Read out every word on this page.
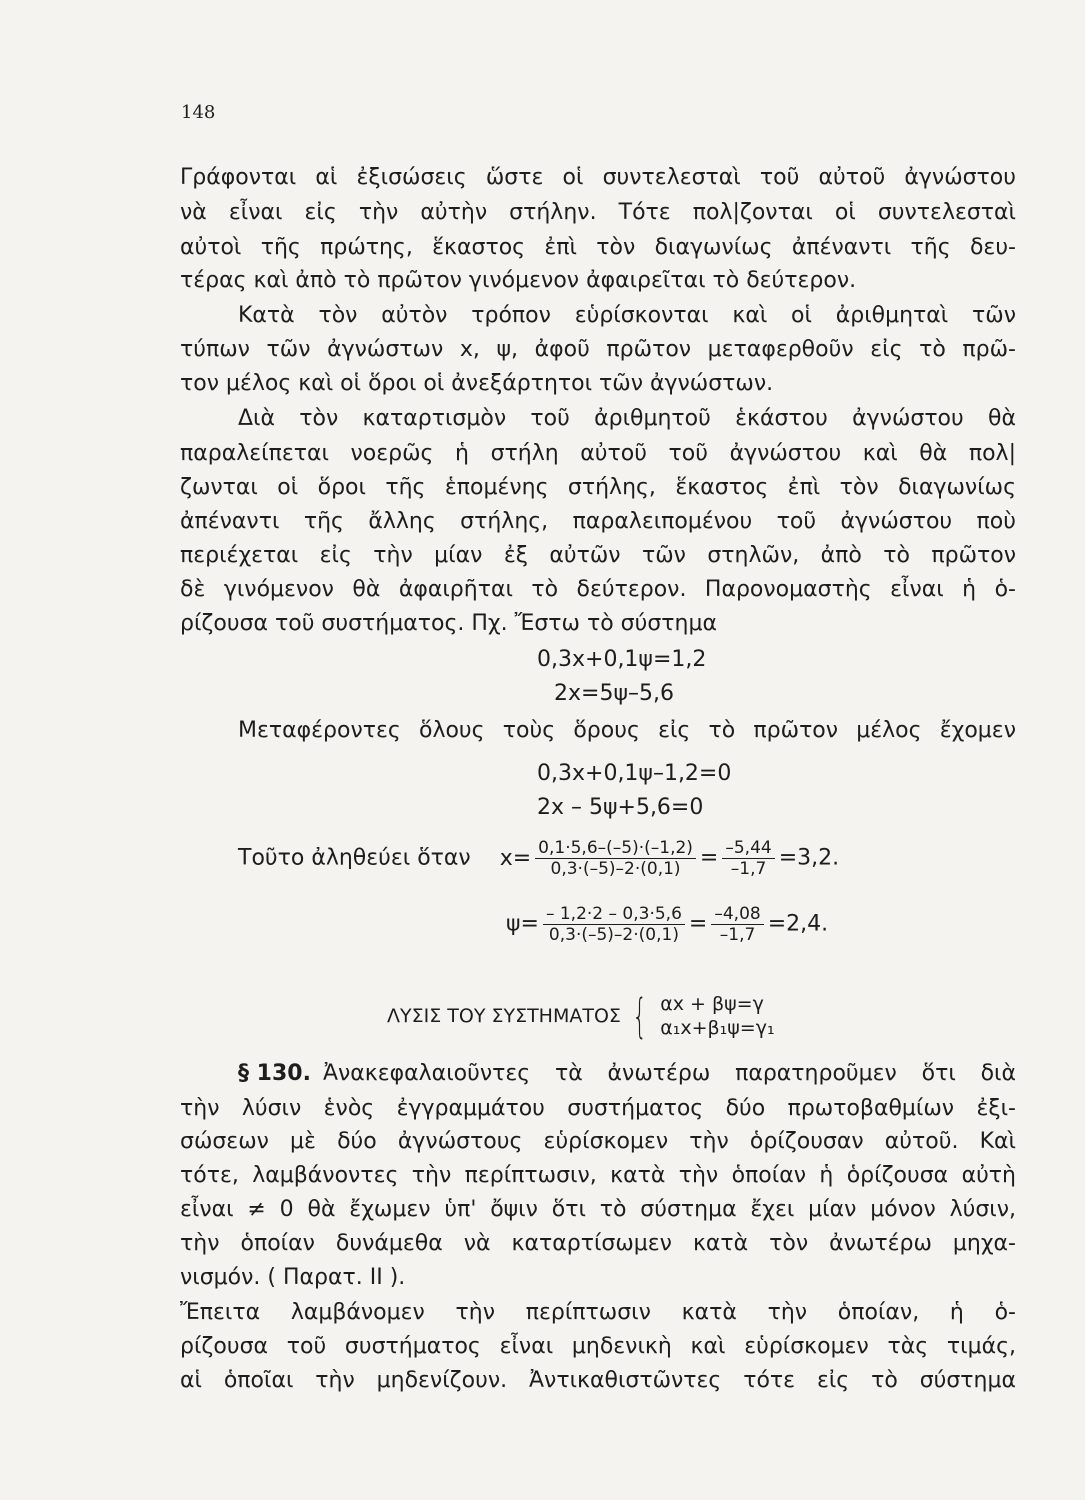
148
Γράφονται αἱ ἐξισώσεις ὥστε οἱ συντελεσταὶ τοῦ αὐτοῦ ἀγνώστου
νὰ εἶναι εἰς τὴν αὐτὴν στήλην. Τότε πολ|ζονται οἱ συντελεσταὶ
αὐτοὶ τῆς πρώτης, ἕκαστος ἐπὶ τὸν διαγωνίως ἀπέναντι τῆς δευ-
τέρας καὶ ἀπὸ τὸ πρῶτον γινόμενον ἀφαιρεῖται τὸ δεύτερον.
Κατὰ τὸν αὐτὸν τρόπον εὑρίσκονται καὶ οἱ ἀριθμηταὶ τῶν
τύπων τῶν ἀγνώστων x, ψ, ἀφοῦ πρῶτον μεταφερθοῦν εἰς τὸ πρῶ-
τον μέλος καὶ οἱ ὅροι οἱ ἀνεξάρτητοι τῶν ἀγνώστων.
Διὰ τὸν καταρτισμὸν τοῦ ἀριθμητοῦ ἑκάστου ἀγνώστου θὰ
παραλείπεται νοερῶς ἡ στήλη αὐτοῦ τοῦ ἀγνώστου καὶ θὰ πολ|
ζωνται οἱ ὅροι τῆς ἑπομένης στήλης, ἕκαστος ἐπὶ τὸν διαγωνίως
ἀπέναντι τῆς ἄλλης στήλης, παραλειπομένου τοῦ ἀγνώστου ποὺ
περιέχεται εἰς τὴν μίαν ἐξ αὐτῶν τῶν στηλῶν, ἀπὸ τὸ πρῶτον
δὲ γινόμενον θὰ ἀφαιρῆται τὸ δεύτερον. Παρονομαστὴς εἶναι ἡ ὁ-
ρίζουσα τοῦ συστήματος. Πχ. Ἔστω τὸ σύστημα
0,3x+0,1ψ=1,2
2x=5ψ–5,6
Μεταφέροντες ὅλους τοὺς ὅρους εἰς τὸ πρῶτον μέλος ἔχομεν
0,3x+0,1ψ–1,2=0
2x – 5ψ+5,6=0
Τοῦτο ἀληθεύει ὅταν $x= \frac{0,1\cdot 5,6-(-5)\cdot(-1,2)}{0,3\cdot(-5)-2\cdot(0,1)} = \frac{-5,44}{-1,7} =3,2$.
$\psi= \frac{- 1,2\cdot 2 - 0,3\cdot 5,6}{0,3\cdot(-5)-2\cdot(0,1)} = \frac{-4,08}{-1,7} =2,4$.
ΛΥΣΙΣ ΤΟΥ ΣΥΣΤΗΜΑΤΟΣ { αx + βψ=γ
α₁x+β₁ψ=γ₁
§ 130. Ἀνακεφαλαιοῦντες τὰ ἀνωτέρω παρατηροῦμεν ὅτι διὰ
τὴν λύσιν ἑνὸς ἐγγραμμάτου συστήματος δύο πρωτοβαθμίων ἐξι-
σώσεων μὲ δύο ἀγνώστους εὑρίσκομεν τὴν ὁρίζουσαν αὐτοῦ. Καὶ
τότε, λαμβάνοντες τὴν περίπτωσιν, κατὰ τὴν ὁποίαν ἡ ὁρίζουσα αὐτὴ
εἶναι ≠ 0 θὰ ἔχωμεν ὑπ' ὄψιν ὅτι τὸ σύστημα ἔχει μίαν μόνον λύσιν,
τὴν ὁποίαν δυνάμεθα νὰ καταρτίσωμεν κατὰ τὸν ἀνωτέρω μηχα-
νισμόν. ( Παρατ. II ).
Ἔπειτα λαμβάνομεν τὴν περίπτωσιν κατὰ τὴν ὁποίαν, ἡ ὁ-
ρίζουσα τοῦ συστήματος εἶναι μηδενικὴ καὶ εὑρίσκομεν τὰς τιμάς,
αἱ ὁποῖαι τὴν μηδενίζουν. Ἀντικαθιστῶντες τότε εἰς τὸ σύστημα
